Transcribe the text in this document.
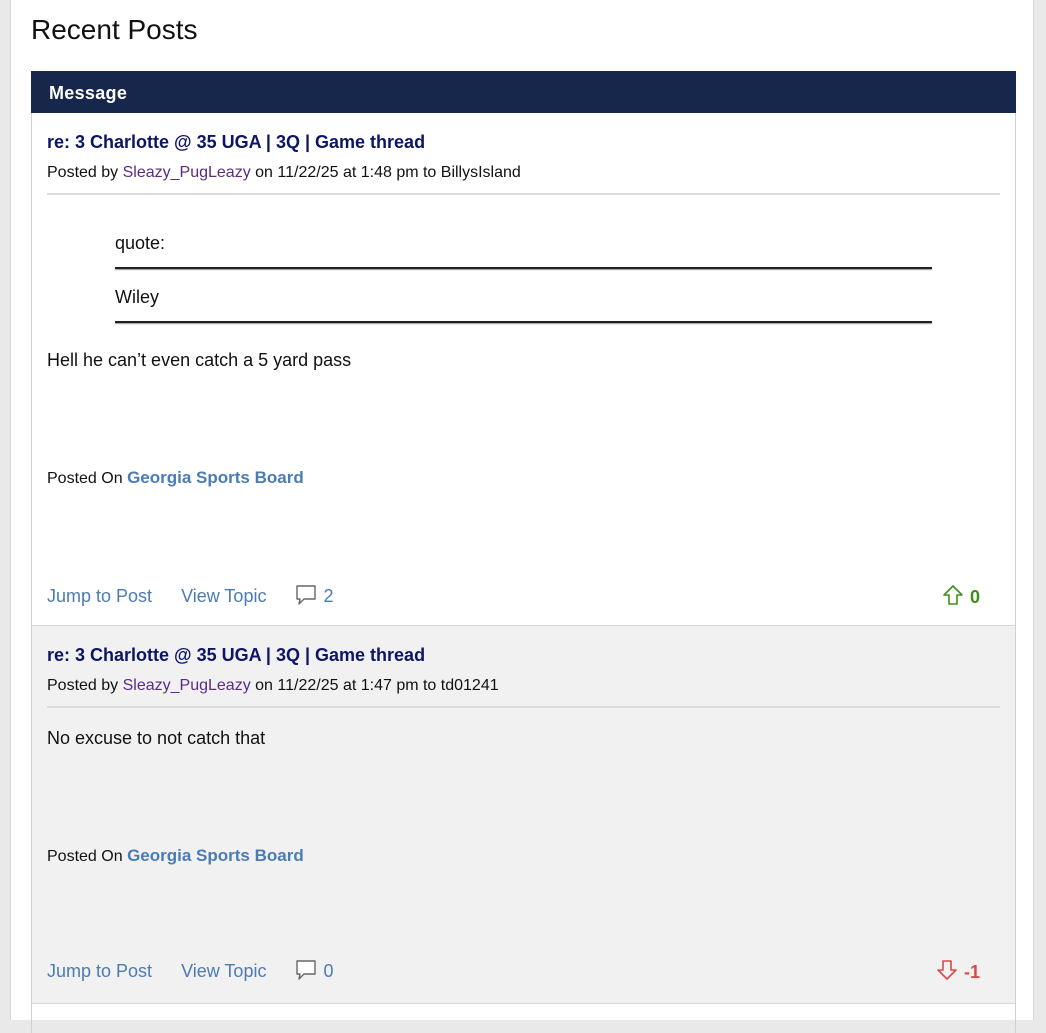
Recent Posts
Message
re: 3 Charlotte @ 35 UGA | 3Q | Game thread
Posted by Sleazy_PugLeazy on 11/22/25 at 1:48 pm to BillysIsland
quote:
Wiley
Hell he can’t even catch a 5 yard pass
Posted On Georgia Sports Board
Jump to Post View Topic	2	0
re: 3 Charlotte @ 35 UGA | 3Q | Game thread
Posted by Sleazy_PugLeazy on 11/22/25 at 1:47 pm to td01241
No excuse to not catch that
Posted On Georgia Sports Board
Jump to Post View Topic	0	-1
